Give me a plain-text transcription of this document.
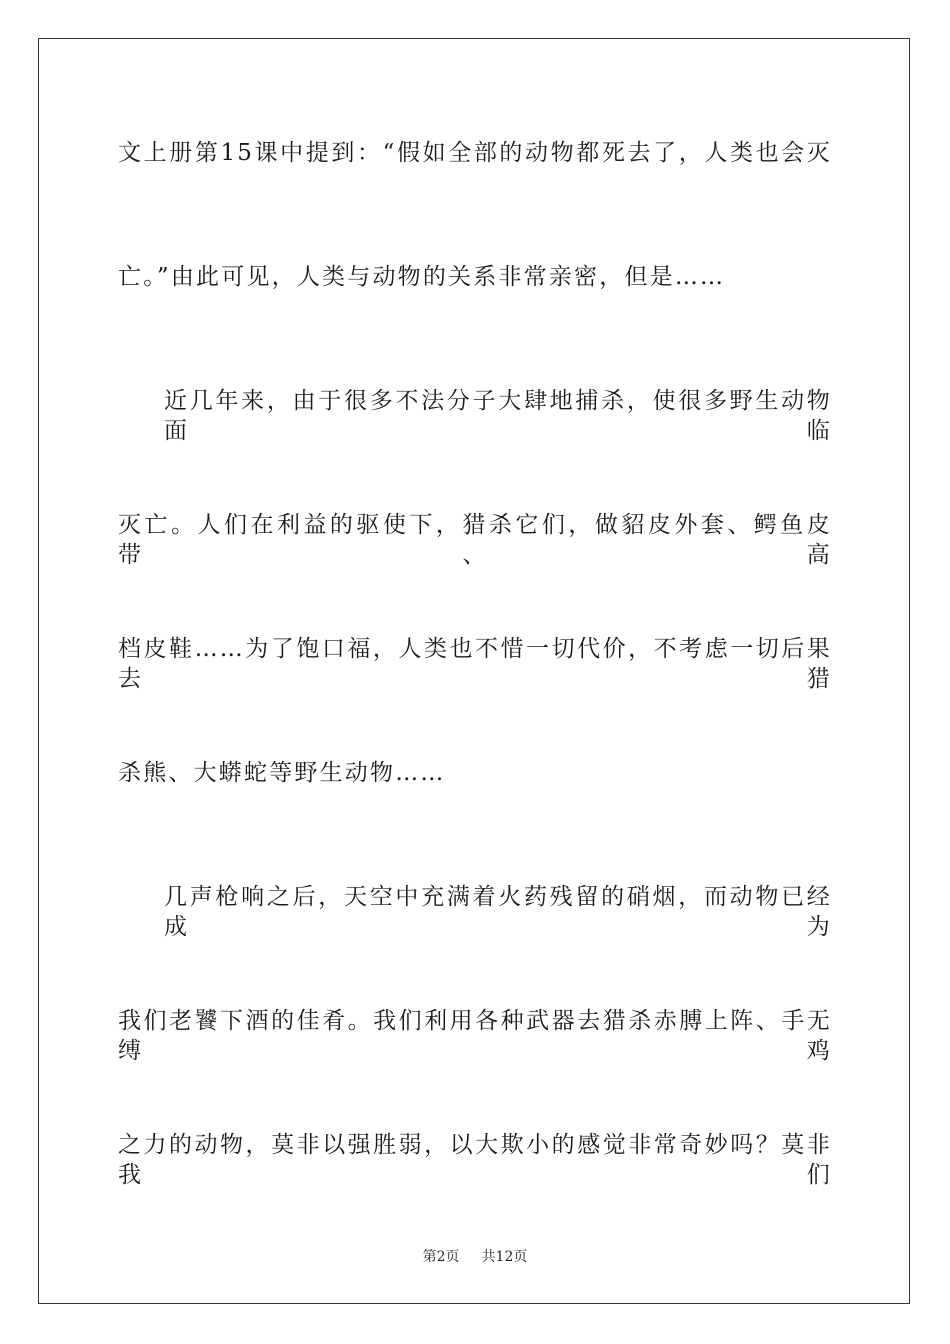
文上册第15课中提到：“假如全部的动物都死去了，人类也会灭
亡。”由此可见，人类与动物的关系非常亲密，但是……
近几年来，由于很多不法分子大肆地捕杀，使很多野生动物面临
灭亡。人们在利益的驱使下，猎杀它们，做貂皮外套、鳄鱼皮带、高
档皮鞋……为了饱口福，人类也不惜一切代价，不考虑一切后果去猎
杀熊、大蟒蛇等野生动物……
几声枪响之后，天空中充满着火药残留的硝烟，而动物已经成为
我们老饕下酒的佳肴。我们利用各种武器去猎杀赤膊上阵、手无缚鸡
之力的动物，莫非以强胜弱，以大欺小的感觉非常奇妙吗？莫非我们
第2页 共12页
